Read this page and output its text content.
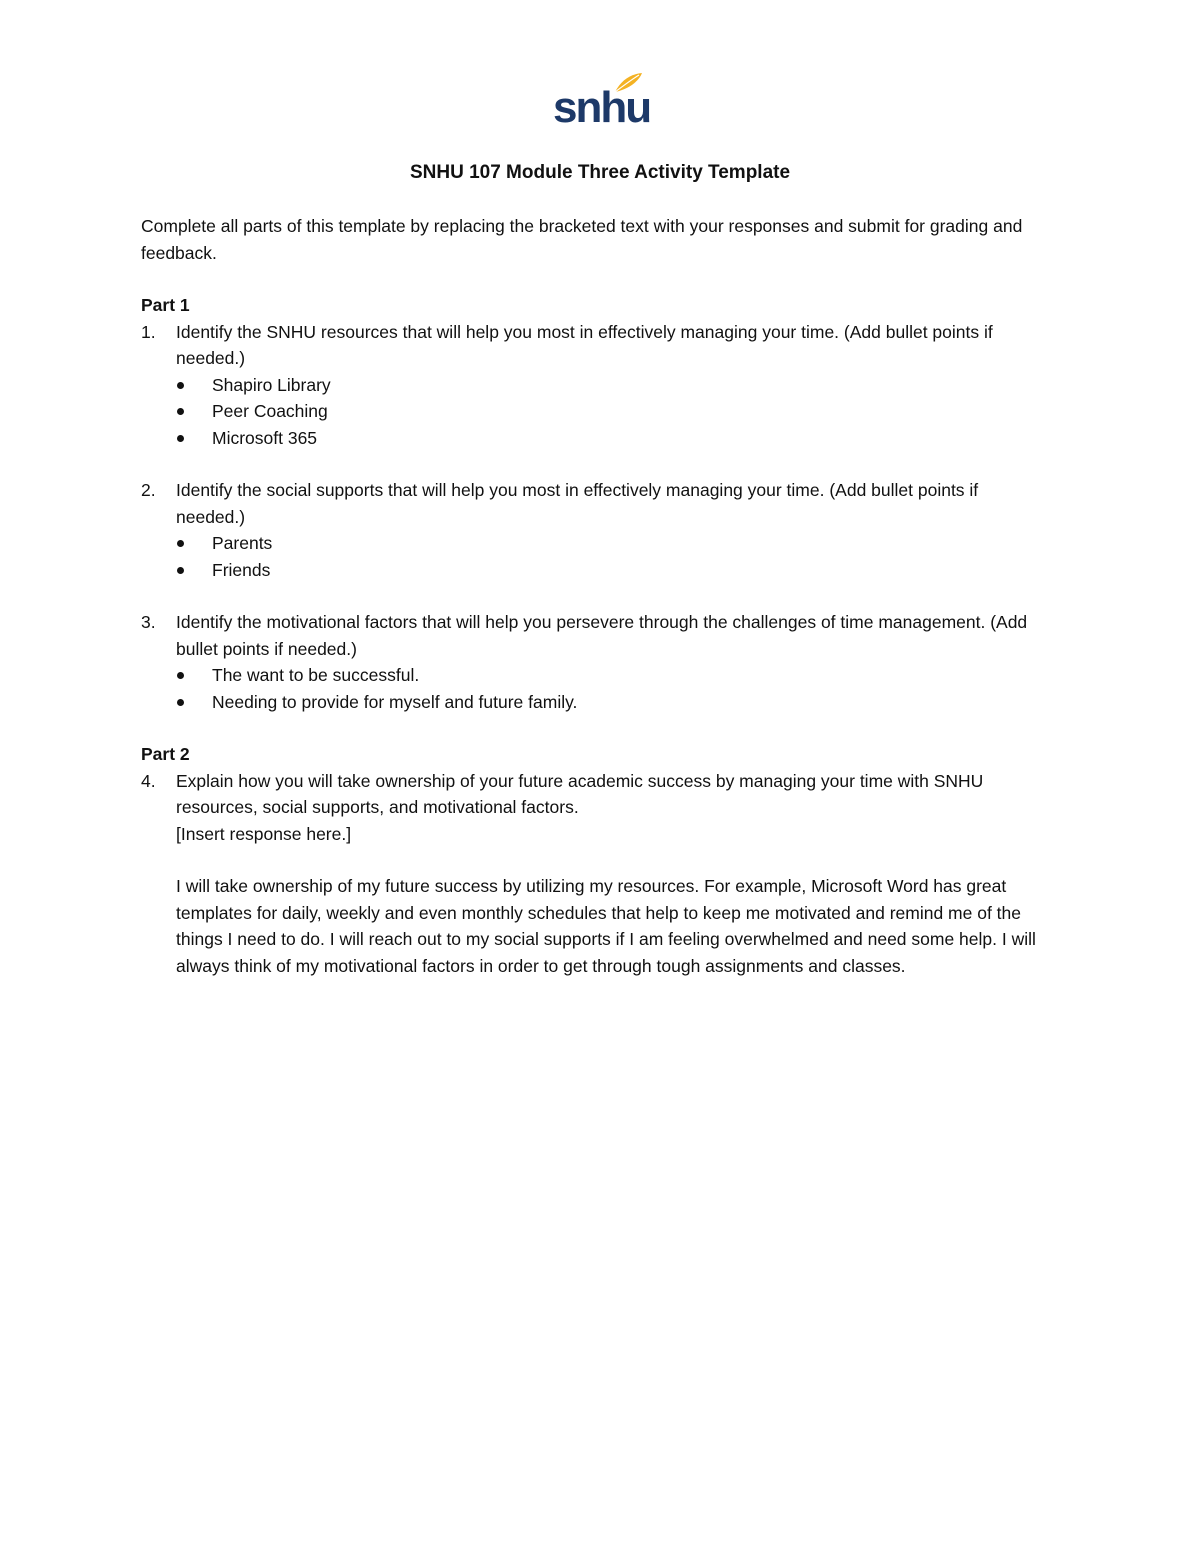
snhu
SNHU 107 Module Three Activity Template

Complete all parts of this template by replacing the bracketed text with your responses and submit for grading and feedback.

Part 1

1.	Identify the SNHU resources that will help you most in effectively managing your time. (Add bullet points if needed.)

Shapiro Library
Peer Coaching
Microsoft 365
2.	Identify the social supports that will help you most in effectively managing your time. (Add bullet points if needed.)

Parents
Friends
3.	Identify the motivational factors that will help you persevere through the challenges of time management. (Add bullet points if needed.)

The want to be successful.
Needing to provide for myself and future family.

Part 2

4.	Explain how you will take ownership of your future academic success by managing your time with SNHU resources, social supports, and motivational factors.

[Insert response here.]

I will take ownership of my future success by utilizing my resources. For example, Microsoft Word has great templates for daily, weekly and even monthly schedules that help to keep me motivated and remind me of the things I need to do. I will reach out to my social supports if I am feeling overwhelmed and need some help. I will always think of my motivational factors in order to get through tough assignments and classes.
